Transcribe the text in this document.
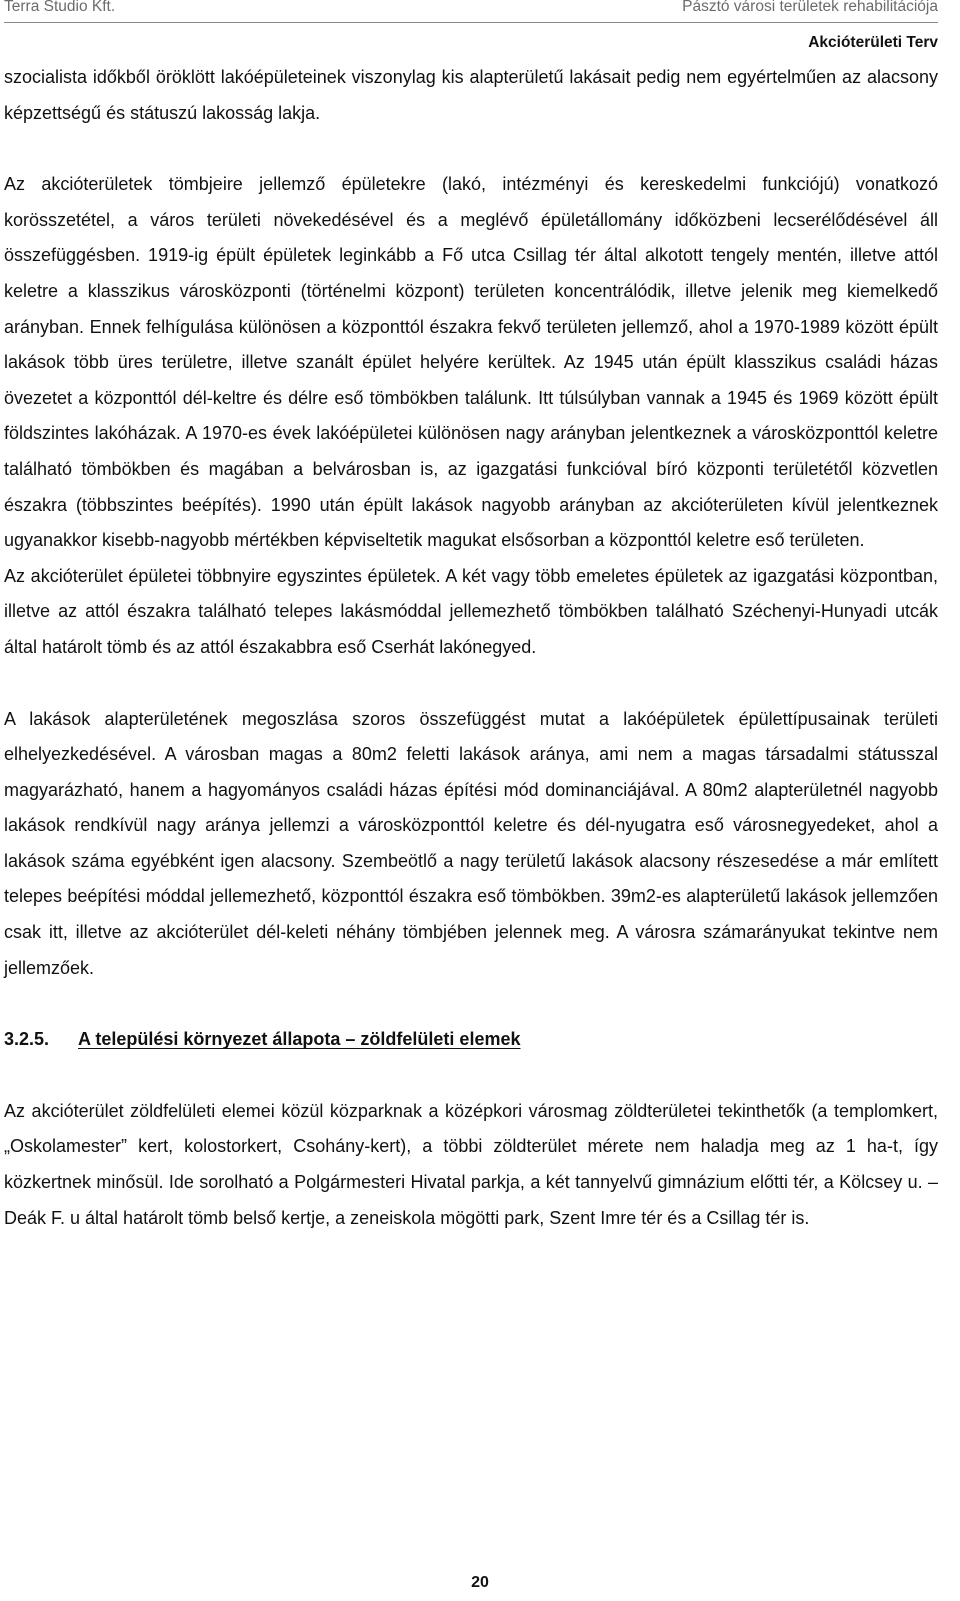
Terra Studio Kft.	Pásztó városi területek rehabilitációja
Akcióterületi Terv

szocialista időkből öröklött lakóépületeinek viszonylag kis alapterületű lakásait pedig nem egyértelműen az alacsony képzettségű és státuszú lakosság lakja.

Az akcióterületek tömbjeire jellemző épületekre (lakó, intézményi és kereskedelmi funkciójú) vonatkozó korösszetétel, a város területi növekedésével és a meglévő épületállomány időközbeni lecserélődésével áll összefüggésben. 1919-ig épült épületek leginkább a Fő utca Csillag tér által alkotott tengely mentén, illetve attól keletre a klasszikus városközponti (történelmi központ) területen koncentrálódik, illetve jelenik meg kiemelkedő arányban. Ennek felhígulása különösen a központtól északra fekvő területen jellemző, ahol a 1970-1989 között épült lakások több üres területre, illetve szanált épület helyére kerültek. Az 1945 után épült klasszikus családi házas övezetet a központtól dél-keltre és délre eső tömbökben találunk. Itt túlsúlyban vannak a 1945 és 1969 között épült földszintes lakóházak. A 1970-es évek lakóépületei különösen nagy arányban jelentkeznek a városközponttól keletre található tömbökben és magában a belvárosban is, az igazgatási funkcióval bíró központi területétől közvetlen északra (többszintes beépítés). 1990 után épült lakások nagyobb arányban az akcióterületen kívül jelentkeznek ugyanakkor kisebb-nagyobb mértékben képviseltetik magukat elsősorban a központtól keletre eső területen.

Az akcióterület épületei többnyire egyszintes épületek. A két vagy több emeletes épületek az igazgatási központban, illetve az attól északra található telepes lakásmóddal jellemezhető tömbökben található Széchenyi-Hunyadi utcák által határolt tömb és az attól északabbra eső Cserhát lakónegyed.

A lakások alapterületének megoszlása szoros összefüggést mutat a lakóépületek épülettípusainak területi elhelyezkedésével. A városban magas a 80m2 feletti lakások aránya, ami nem a magas társadalmi státusszal magyarázható, hanem a hagyományos családi házas építési mód dominanciájával. A 80m2 alapterületnél nagyobb lakások rendkívül nagy aránya jellemzi a városközponttól keletre és dél-nyugatra eső városnegyedeket, ahol a lakások száma egyébként igen alacsony. Szembeötlő a nagy területű lakások alacsony részesedése a már említett telepes beépítési móddal jellemezhető, központtól északra eső tömbökben. 39m2-es alapterületű lakások jellemzően csak itt, illetve az akcióterület dél-keleti néhány tömbjében jelennek meg. A városra számarányukat tekintve nem jellemzőek.

3.2.5. A települési környezet állapota – zöldfelületi elemek

Az akcióterület zöldfelületi elemei közül közparknak a középkori városmag zöldterületei tekinthetők (a templomkert, „Oskolamester” kert, kolostorkert, Csohány-kert), a többi zöldterület mérete nem haladja meg az 1 ha-t, így közkertnek minősül. Ide sorolható a Polgármesteri Hivatal parkja, a két tannyelvű gimnázium előtti tér, a Kölcsey u. – Deák F. u által határolt tömb belső kertje, a zeneiskola mögötti park, Szent Imre tér és a Csillag tér is.

20
